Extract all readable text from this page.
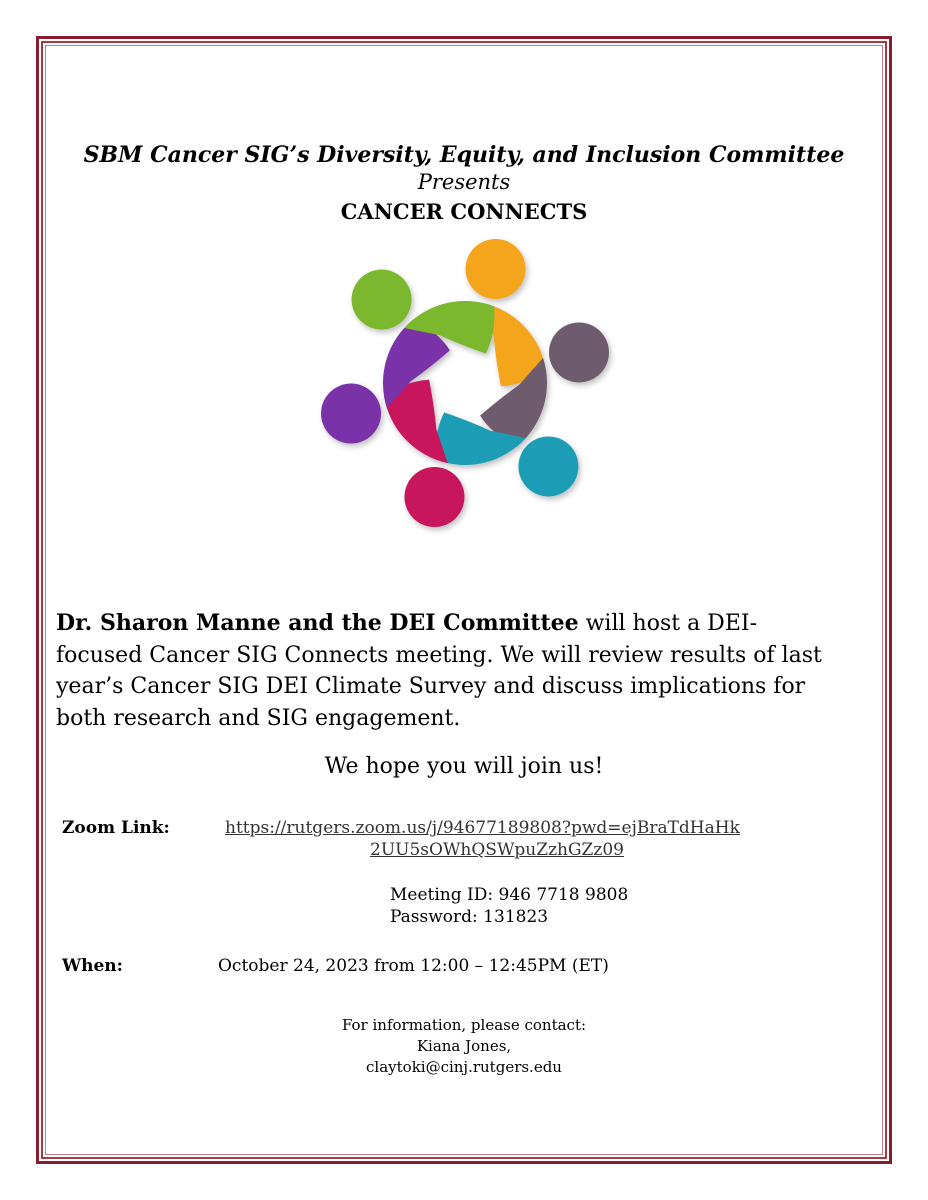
SBM Cancer SIG’s Diversity, Equity, and Inclusion Committee
Presents
CANCER CONNECTS
Dr. Sharon Manne and the DEI Committee will host a DEI-
focused Cancer SIG Connects meeting. We will review results of last
year’s Cancer SIG DEI Climate Survey and discuss implications for
both research and SIG engagement.
We hope you will join us!
Zoom Link:	https://rutgers.zoom.us/j/94677189808?pwd=ejBraTdHaHk
2UU5sOWhQSWpuZzhGZz09
Meeting ID: 946 7718 9808
Password: 131823
When:	October 24, 2023 from 12:00 – 12:45PM (ET)
For information, please contact:
Kiana Jones,
claytoki@cinj.rutgers.edu
